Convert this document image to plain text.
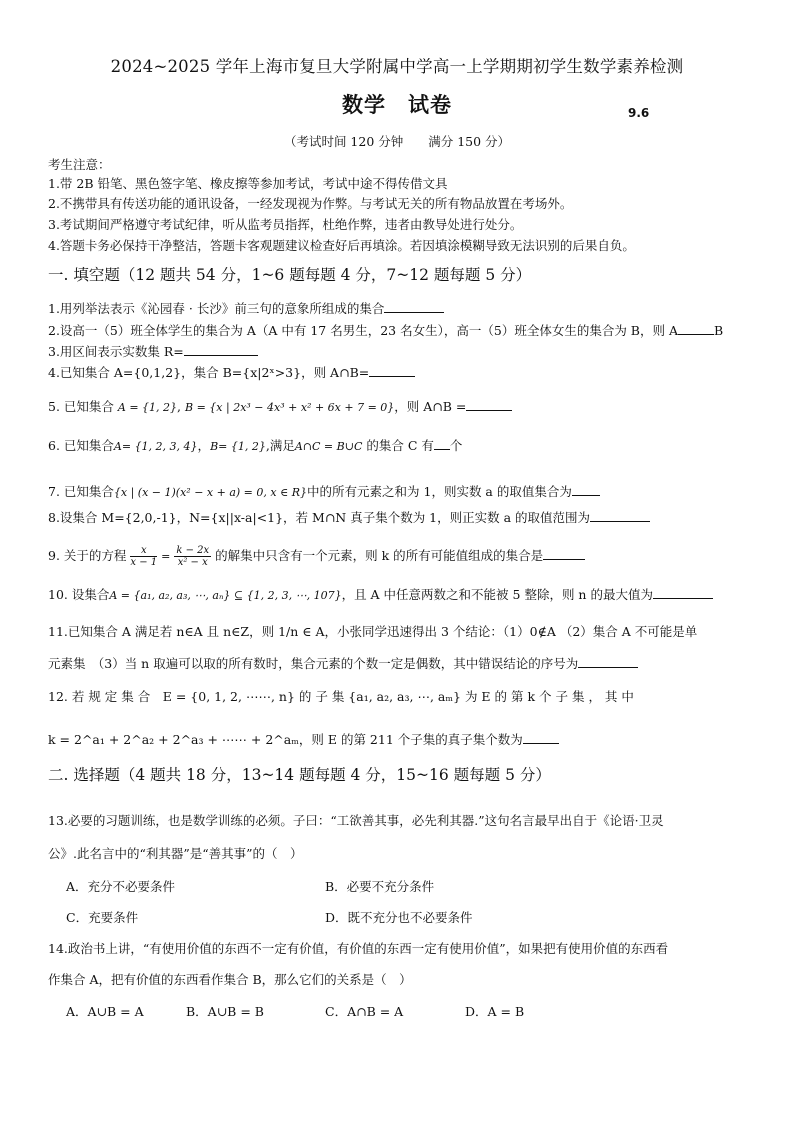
2024~2025 学年上海市复旦大学附属中学高一上学期期初学生数学素养检测
数学　试卷	9.6
（考试时间 120 分钟　　满分 150 分）
考生注意：
1.带 2B 铅笔、黑色签字笔、橡皮擦等参加考试，考试中途不得传借文具
2.不携带具有传送功能的通讯设备，一经发现视为作弊。与考试无关的所有物品放置在考场外。
3.考试期间严格遵守考试纪律，听从监考员指挥，杜绝作弊，违者由教导处进行处分。
4.答题卡务必保持干净整洁，答题卡客观题建议检查好后再填涂。若因填涂模糊导致无法识别的后果自负。
一. 填空题（12 题共 54 分，1~6 题每题 4 分，7~12 题每题 5 分）
1.用列举法表示《沁园春 · 长沙》前三句的意象所组成的集合
2.设高一（5）班全体学生的集合为 A（A 中有 17 名男生，23 名女生），高一（5）班全体女生的集合为 B，则 A	B
3.用区间表示实数集 R=
4.已知集合 A={0,1,2}，集合 B={x|2ˣ>3}，则 A∩B=
5. 已知集合 A = {1, 2}, B = {x | 2x³ − 4x³ + x² + 6x + 7 = 0}，则 A∩B =
6. 已知集合A= {1, 2, 3, 4}，B= {1, 2},满足A∩C = B∪C 的集合 C 有 个
7. 已知集合{x | (x − 1)(x² − x + a) = 0, x ∈ R}中的所有元素之和为 1，则实数 a 的取值集合为
8.设集合 M={2,0,-1}，N={x||x-a|<1}，若 M∩N 真子集个数为 1，则正实数 a 的取值范围为
9. 关于的方程 $\frac{x}{x - 1} = \frac{k - 2x}{\text{x² − x}}$ 的解集中只含有一个元素，则 k 的所有可能值组成的集合是
10. 设集合A = {a₁, a₂, a₃, ⋯, aₙ} ⊆ {1, 2, 3, ⋯, 107}，且 A 中任意两数之和不能被 5 整除，则 n 的最大值为
11.已知集合 A 满足若 n∈A 且 n∈Z，则 1/n ∈ A，小张同学迅速得出 3 个结论：（1）0∉A （2）集合 A 不可能是单
元素集　（3）当 n 取遍可以取的所有数时，集合元素的个数一定是偶数，其中错误结论的序号为
12. 若 规 定 集 合　E = {0, 1, 2, ⋯⋯, n} 的 子 集 {a₁, a₂, a₃, ⋯, aₘ} 为 E 的 第 k 个 子 集 ， 其 中
k = 2^a₁ + 2^a₂ + 2^a₃ + ⋯⋯ + 2^aₘ，则 E 的第 211 个子集的真子集个数为
二. 选择题（4 题共 18 分，13~14 题每题 4 分，15~16 题每题 5 分）
13.必要的习题训练，也是数学训练的必须。子曰：“工欲善其事，必先利其器.”这句名言最早出自于《论语·卫灵
公》.此名言中的“利其器”是“善其事”的（　）
A．充分不必要条件	B．必要不充分条件
C．充要条件	D．既不充分也不必要条件
14.政治书上讲，“有使用价值的东西不一定有价值，有价值的东西一定有使用价值”，如果把有使用价值的东西看
作集合 A，把有价值的东西看作集合 B，那么它们的关系是（　）
A．A∪B = A	B．A∪B = B	C．A∩B = A	D．A = B
